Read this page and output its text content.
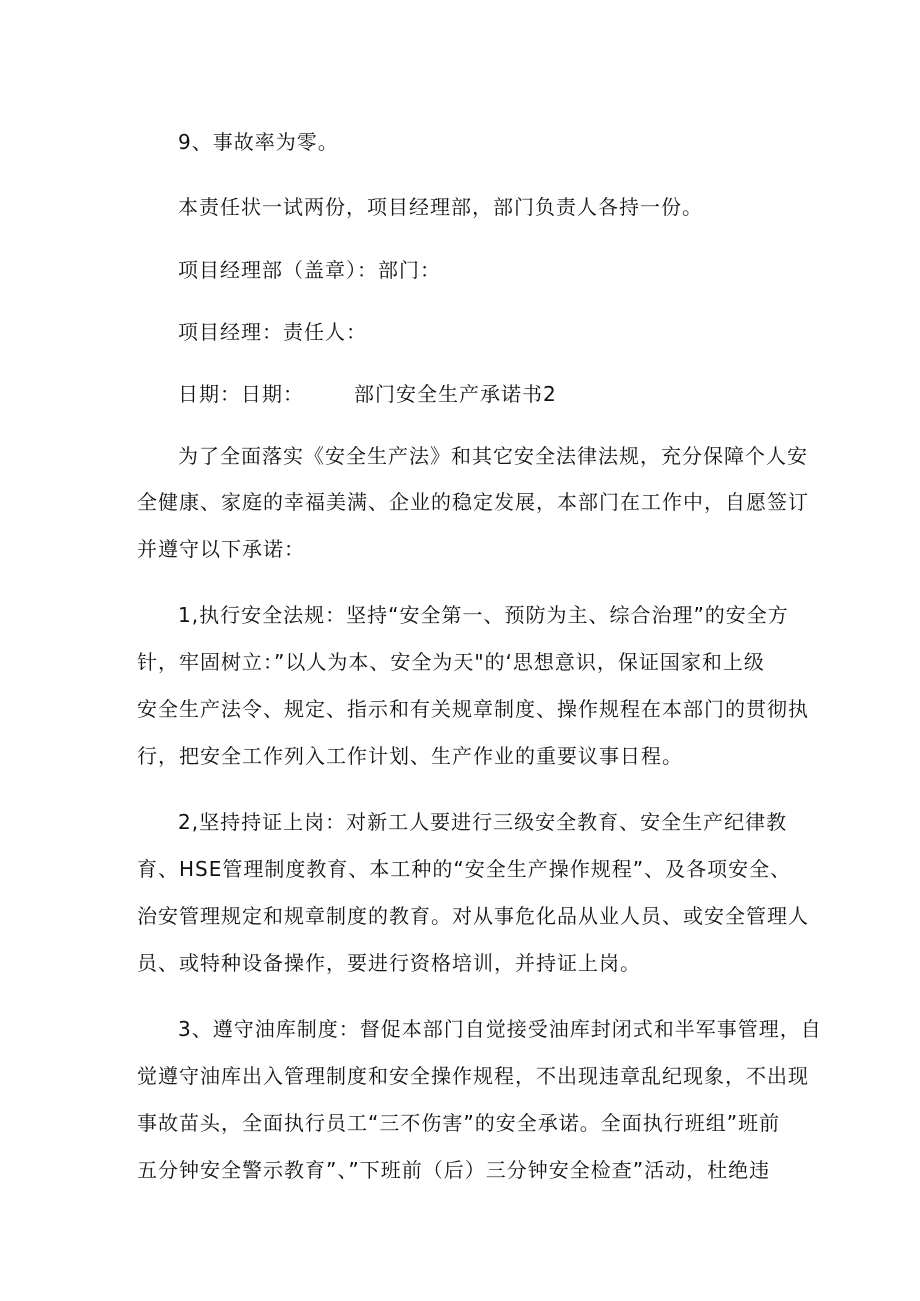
9、事故率为零。
本责任状一试两份，项目经理部，部门负责人各持一份。
项目经理部（盖章）：部门：
项目经理：责任人：
日期：日期：	部门安全生产承诺书2
为了全面落实《安全生产法》和其它安全法律法规，充分保障个人安
全健康、家庭的幸福美满、企业的稳定发展，本部门在工作中，自愿签订
并遵守以下承诺：
1,执行安全法规：坚持“安全第一、预防为主、综合治理”的安全方
针，牢固树立：”以人为本、安全为天"的‘思想意识，保证国家和上级
安全生产法令、规定、指示和有关规章制度、操作规程在本部门的贯彻执
行，把安全工作列入工作计划、生产作业的重要议事日程。
2,坚持持证上岗：对新工人要进行三级安全教育、安全生产纪律教
育、HSE管理制度教育、本工种的“安全生产操作规程”、及各项安全、
治安管理规定和规章制度的教育。对从事危化品从业人员、或安全管理人
员、或特种设备操作，要进行资格培训，并持证上岗。
3、遵守油库制度：督促本部门自觉接受油库封闭式和半军事管理，自
觉遵守油库出入管理制度和安全操作规程，不出现违章乱纪现象，不出现
事故苗头，全面执行员工“三不伤害”的安全承诺。全面执行班组”班前
五分钟安全警示教育”、”下班前（后）三分钟安全检查”活动，杜绝违
